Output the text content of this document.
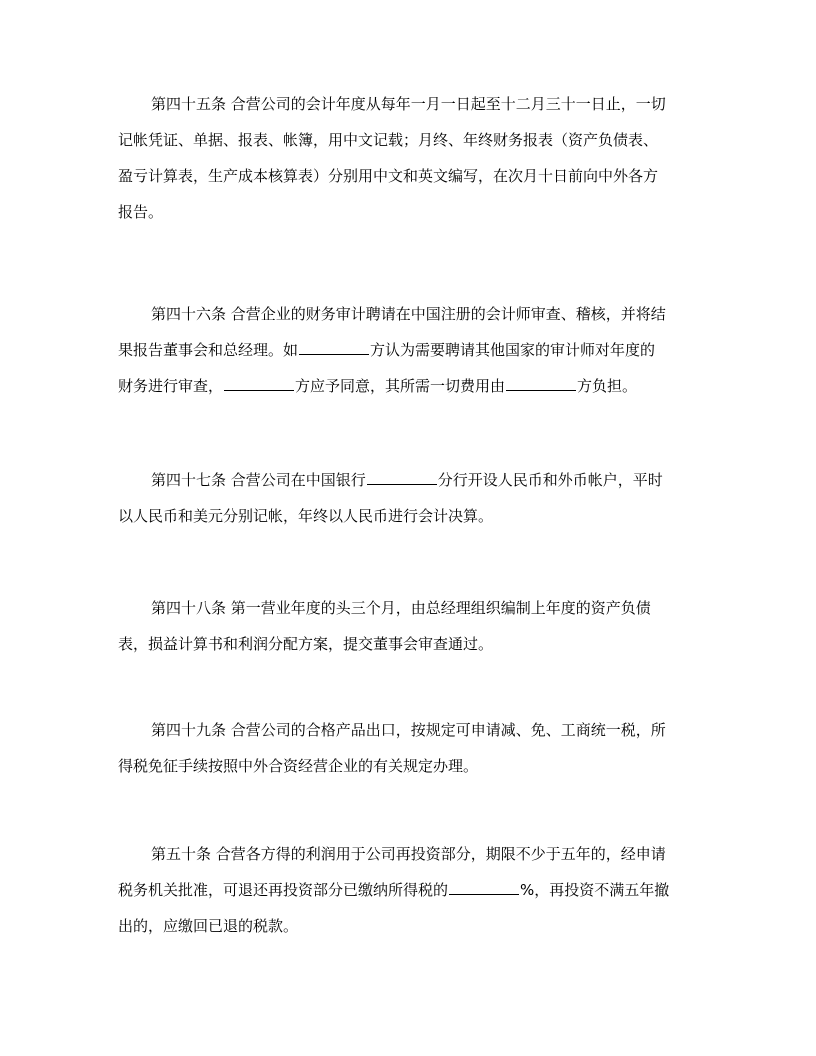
第四十五条 合营公司的会计年度从每年一月一日起至十二月三十一日止，一切
记帐凭证、单据、报表、帐簿，用中文记载；月终、年终财务报表（资产负债表、
盈亏计算表，生产成本核算表）分别用中文和英文编写，在次月十日前向中外各方
报告。
第四十六条 合营企业的财务审计聘请在中国注册的会计师审查、稽核，并将结
果报告董事会和总经理。如	方认为需要聘请其他国家的审计师对年度的
财务进行审查，	方应予同意，其所需一切费用由	方负担。
第四十七条 合营公司在中国银行	分行开设人民币和外币帐户，平时
以人民币和美元分别记帐，年终以人民币进行会计决算。
第四十八条 第一营业年度的头三个月，由总经理组织编制上年度的资产负债
表，损益计算书和利润分配方案，提交董事会审查通过。
第四十九条 合营公司的合格产品出口，按规定可申请减、免、工商统一税，所
得税免征手续按照中外合资经营企业的有关规定办理。
第五十条 合营各方得的利润用于公司再投资部分，期限不少于五年的，经申请
税务机关批准，可退还再投资部分已缴纳所得税的	%，再投资不满五年撤
出的，应缴回已退的税款。
